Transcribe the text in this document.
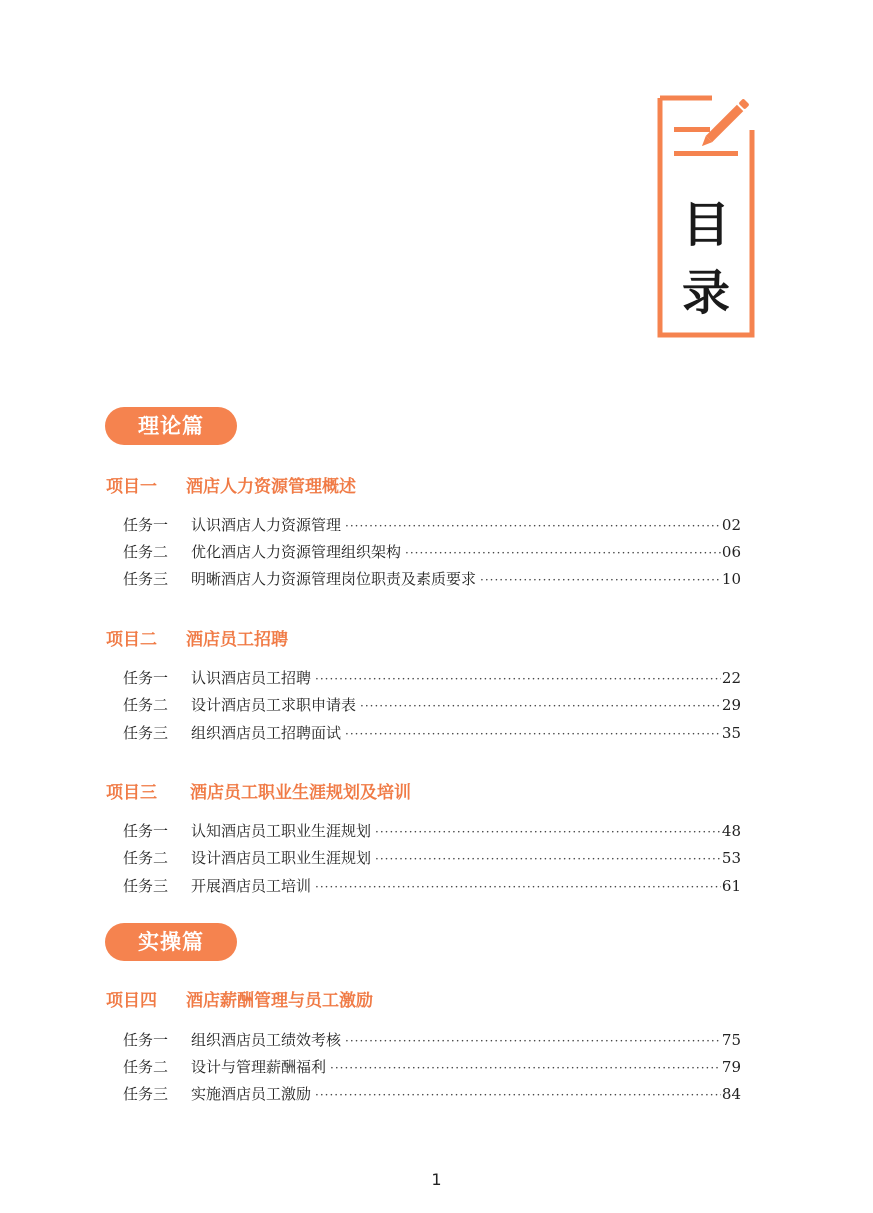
目
录
理论篇
项目一 酒店人力资源管理概述
任务一	认识酒店人力资源管理 ·····	02
任务二	优化酒店人力资源管理组织架构 ·····	06
任务三	明晰酒店人力资源管理岗位职责及素质要求 ·····	10
项目二 酒店员工招聘
任务一	认识酒店员工招聘 ·····	22
任务二	设计酒店员工求职申请表 ·····	29
任务三	组织酒店员工招聘面试 ·····	35
项目三 酒店员工职业生涯规划及培训
任务一	认知酒店员工职业生涯规划 ·····	48
任务二	设计酒店员工职业生涯规划 ·····	53
任务三	开展酒店员工培训 ·····	61
实操篇
项目四 酒店薪酬管理与员工激励
任务一	组织酒店员工绩效考核 ·····	75
任务二	设计与管理薪酬福利 ·····	79
任务三	实施酒店员工激励 ·····	84
1
